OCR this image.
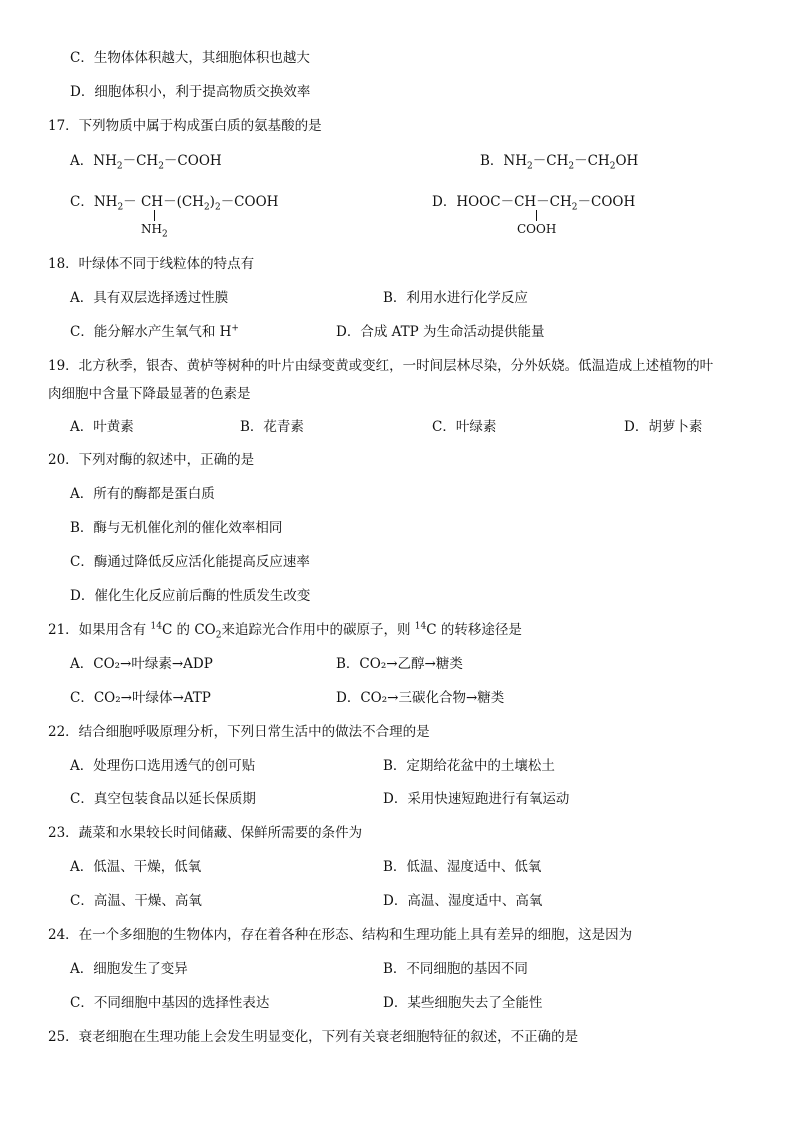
C．生物体体积越大，其细胞体积也越大
D．细胞体积小，利于提高物质交换效率
17．下列物质中属于构成蛋白质的氨基酸的是
A．$NH_2-CH_2-COOH$	B．$NH_2-CH_2-CH_2OH$
C．$NH_2-$ $CH-(CH_2)_2-COOH$
$NH_2$
D．$HOOC-CH-CH_2-COOH$
COOH
18．叶绿体不同于线粒体的特点有
A．具有双层选择透过性膜	B．利用水进行化学反应
C．能分解水产生氧气和 H+	D．合成 ATP 为生命活动提供能量
19．北方秋季，银杏、黄栌等树种的叶片由绿变黄或变红，一时间层林尽染，分外妖娆。低温造成上述植物的叶
肉细胞中含量下降最显著的色素是
A．叶黄素	B．花青素	C．叶绿素	D．胡萝卜素
20．下列对酶的叙述中，正确的是
A．所有的酶都是蛋白质
B．酶与无机催化剂的催化效率相同
C．酶通过降低反应活化能提高反应速率
D．催化生化反应前后酶的性质发生改变
21．如果用含有 $^{14}$C 的 $CO_2$来追踪光合作用中的碳原子，则 $^{14}$C 的转移途径是
A．CO₂→叶绿素→ADP	B．CO₂→乙醇→糖类
C．CO₂→叶绿体→ATP	D．CO₂→三碳化合物→糖类
22．结合细胞呼吸原理分析，下列日常生活中的做法不合理的是
A．处理伤口选用透气的创可贴	B．定期给花盆中的土壤松土
C．真空包装食品以延长保质期	D．采用快速短跑进行有氧运动
23．蔬菜和水果较长时间储藏、保鲜所需要的条件为
A．低温、干燥，低氧	B．低温、湿度适中、低氧
C．高温、干燥、高氧	D．高温、湿度适中、高氧
24．在一个多细胞的生物体内，存在着各种在形态、结构和生理功能上具有差异的细胞，这是因为
A．细胞发生了变异	B．不同细胞的基因不同
C．不同细胞中基因的选择性表达	D．某些细胞失去了全能性
25．衰老细胞在生理功能上会发生明显变化，下列有关衰老细胞特征的叙述，不正确的是
